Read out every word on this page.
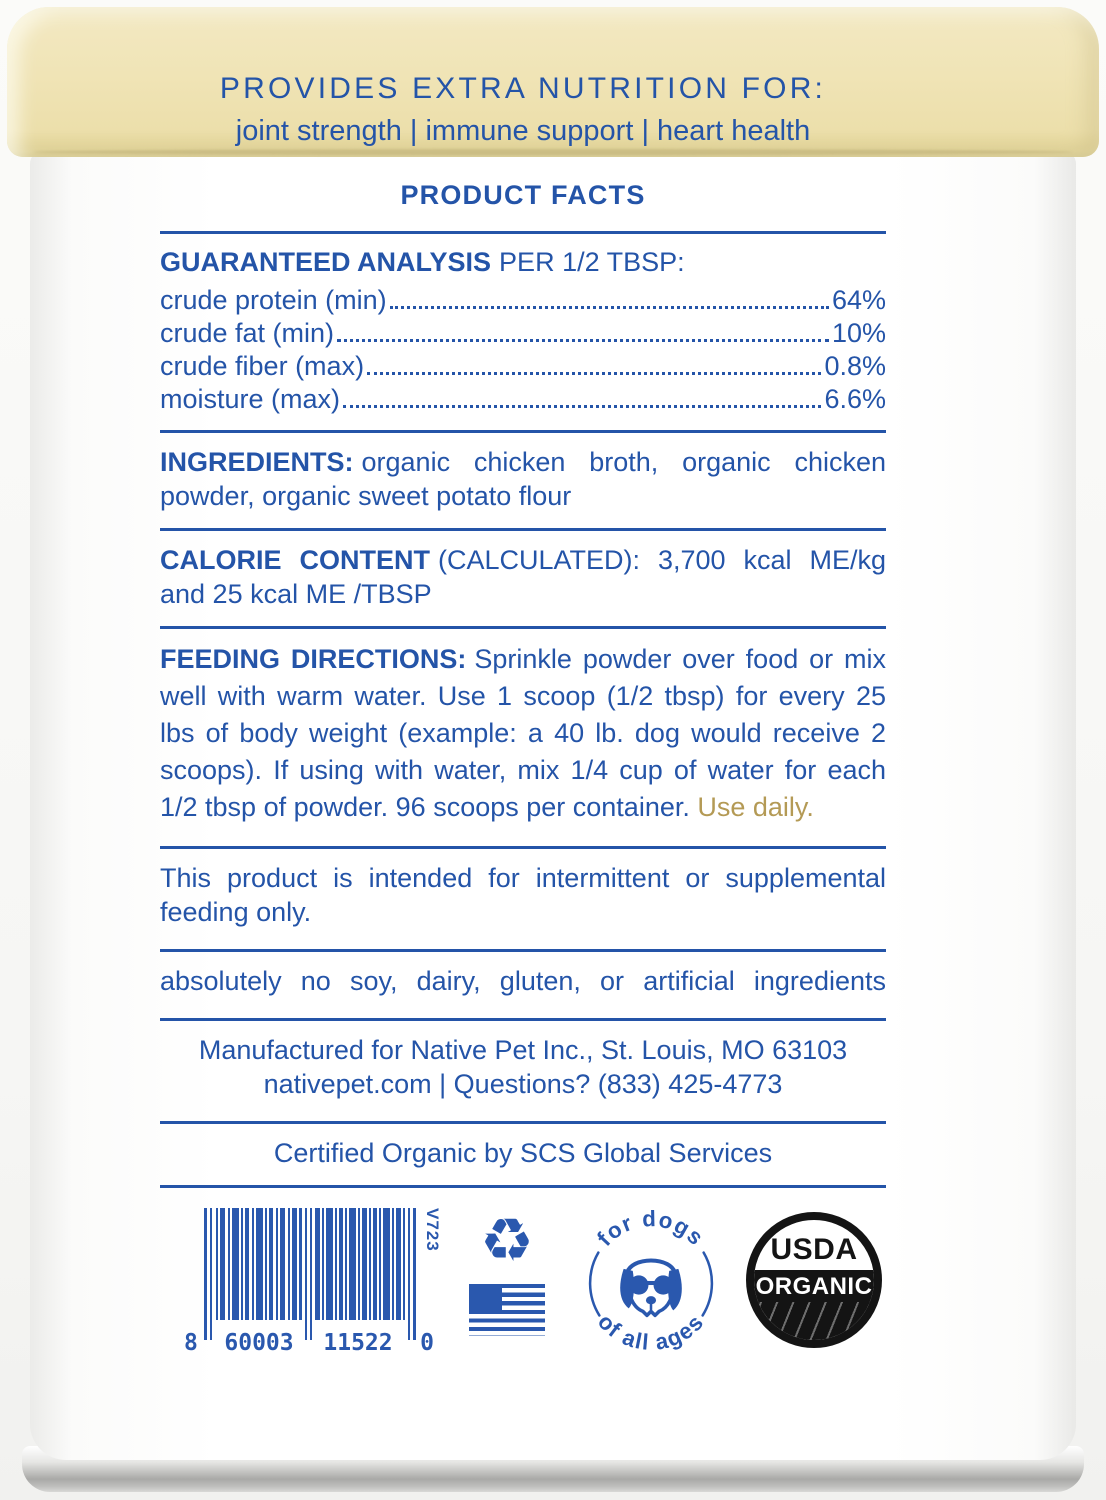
PROVIDES EXTRA NUTRITION FOR:
joint strength | immune support | heart health
PRODUCT FACTS
GUARANTEED ANALYSIS PER 1/2 TBSP:
crude protein (min)	64%
crude fat (min)	10%
crude fiber (max)	0.8%
moisture (max)	6.6%

INGREDIENTS: organic chicken broth, organic chicken powder, organic sweet potato flour

CALORIE CONTENT (CALCULATED): 3,700 kcal ME/kg and 25 kcal ME /TBSP

FEEDING DIRECTIONS: Sprinkle powder over food or mix well with warm water. Use 1 scoop (1/2 tbsp) for every 25 lbs of body weight (example: a 40 lb. dog would receive 2 scoops). If using with water, mix 1/4 cup of water for each 1/2 tbsp of powder. 96 scoops per container. Use daily.

This product is intended for intermittent or supplemental feeding only.

absolutely no soy, dairy, gluten, or artificial ingredients

Manufactured for Native Pet Inc., St. Louis, MO 63103
nativepet.com | Questions? (833) 425-4773

Certified Organic by SCS Global Services

8	60003	11522	0
V723 ♻	for dogs
of all ages
USDA
ORGANIC
